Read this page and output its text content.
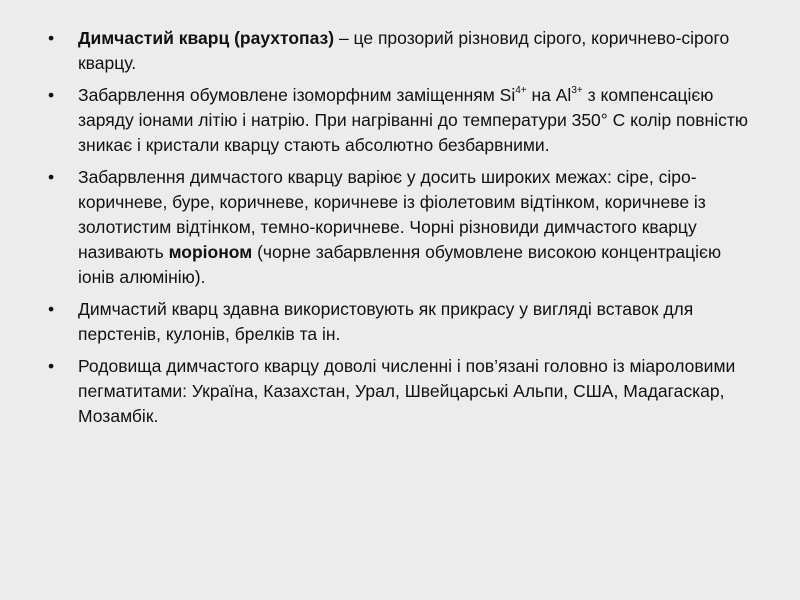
•	Димчастий кварц (раухтопаз) – це прозорий різновид сірого, коричнево-сірого кварцу.
•	Забарвлення обумовлене ізоморфним заміщенням $Si^{4+}$ на $Al^{3+}$ з компенсацією заряду іонами літію і натрію. При нагріванні до температури 350° С колір повністю зникає і кристали кварцу стають абсолютно безбарвними.
•	Забарвлення димчастого кварцу варіює у досить широких межах: сіре, сіро-коричневе, буре, коричневе, коричневе із фіолетовим відтінком, коричневе із золотистим відтінком, темно-коричневе. Чорні різновиди димчастого кварцу називають моріоном (чорне забарвлення обумовлене високою концентрацією іонів алюмінію).
•	Димчастий кварц здавна використовують як прикрасу у вигляді вставок для перстенів, кулонів, брелків та ін.
•	Родовища димчастого кварцу доволі численні і пов’язані головно із міароловими пегматитами: Україна, Казахстан, Урал, Швейцарські Альпи, США, Мадагаскар, Мозамбік.
